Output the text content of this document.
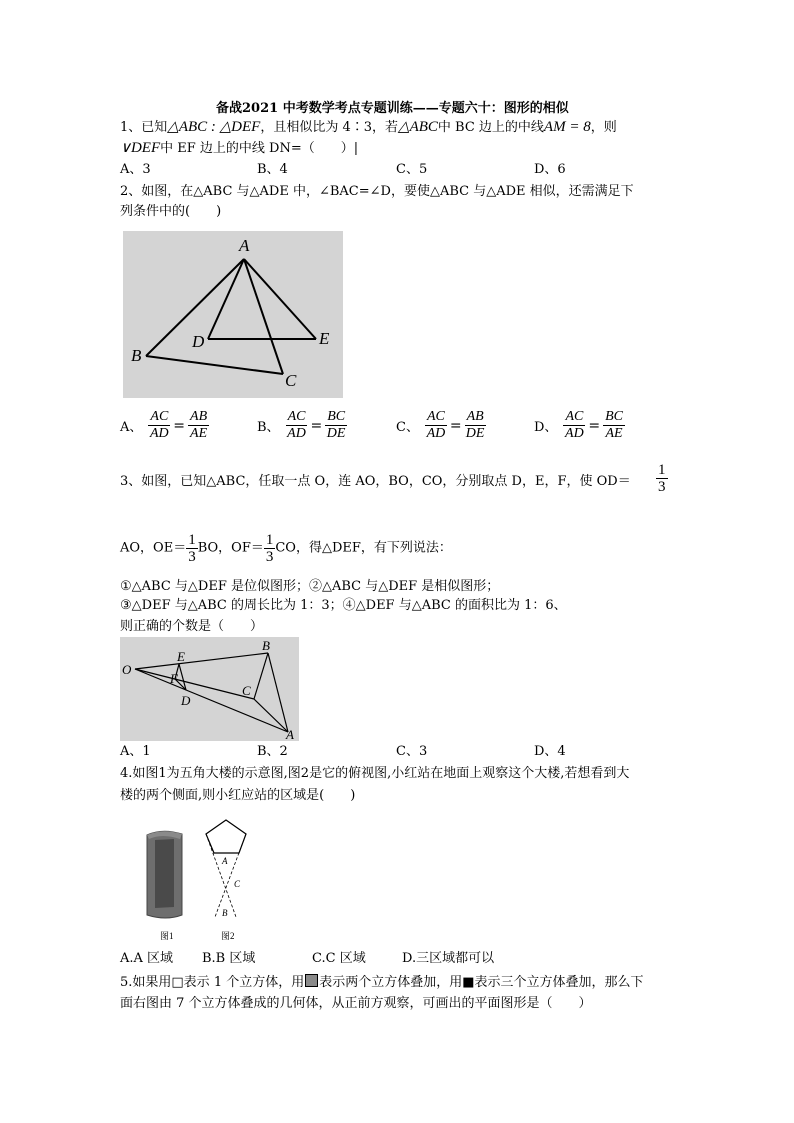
备战2021 中考数学考点专题训练——专题六十：图形的相似
1、已知△ABC : △DEF，且相似比为 4∶3，若△ABC中 BC 边上的中线AM = 8，则
∨DEF中 EF 边上的中线 DN=（　　）|
A、3	B、4	C、5	D、6
2、如图，在△ABC 与△ADE 中，∠BAC=∠D，要使△ABC 与△ADE 相似，还需满足下
列条件中的(　　)
A
B
C
D	E
A、 $\frac{AC}{AD} = \frac{AB}{AE}$	B、 $\frac{AC}{AD} = \frac{BC}{DE}$	C、 $\frac{AC}{AD} = \frac{AB}{DE}$	D、 $\frac{AC}{AD} = \frac{BC}{AE}$
3、如图，已知△ABC，任取一点 O，连 AO，BO，CO，分别取点 D，E，F，使 $OD= \frac{1}{3}$
AO，$OE= \frac{1}{3}$ BO，$OF= \frac{1}{3}$ CO，得△DEF，有下列说法：
①△ABC 与△DEF 是位似图形；②△ABC 与△DEF 是相似图形；
③△DEF 与△ABC 的周长比为 1：3；④△DEF 与△ABC 的面积比为 1：6、
则正确的个数是（　　）
O
B
A
C
E
F
D
A、1	B、2	C、3	D、4
4.如图1为五角大楼的示意图,图2是它的俯视图,小红站在地面上观察这个大楼,若想看到大
楼的两个侧面,则小红应站的区域是(　　)
图1
A
C
B
图2
A.A 区域 B.B 区域	C.C 区域	D.三区域都可以
5.如果用□表示 1 个立方体，用 表示两个立方体叠加，用■表示三个立方体叠加，那么下
面右图由 7 个立方体叠成的几何体，从正前方观察，可画出的平面图形是（　　）
